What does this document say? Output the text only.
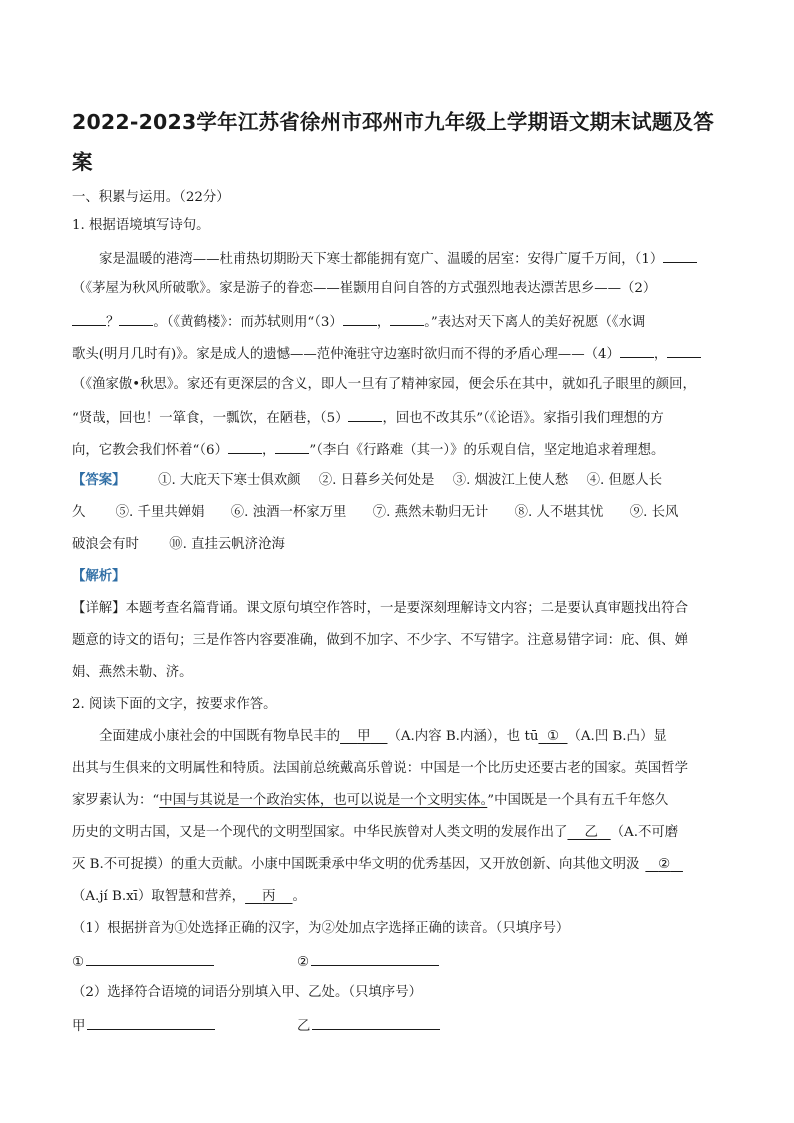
2022-2023学年江苏省徐州市邳州市九年级上学期语文期末试题及答案
一、积累与运用。（22分）
1. 根据语境填写诗句。
家是温暖的港湾——杜甫热切期盼天下寒士都能拥有宽广、温暖的居室：安得广厦千万间，（1）
（《茅屋为秋风所破歌》。家是游子的眷恋——崔颢用自问自答的方式强烈地表达漂苦思乡——（2）
？	。（《黄鹤楼》：而苏轼则用“（3）	，	。”表达对天下离人的美好祝愿（《水调
歌头(明月几时有)》。家是成人的遗憾——范仲淹驻守边塞时欲归而不得的矛盾心理——（4）	，
（《渔家傲•秋思》。家还有更深层的含义，即人一旦有了精神家园，便会乐在其中，就如孔子眼里的颜回，
“贤哉，回也！一箪食，一瓢饮，在陋巷，（5）	，回也不改其乐”（《论语》。家指引我们理想的方
向，它教会我们怀着“（6）	，	”（李白《行路难（其一）》的乐观自信，坚定地追求着理想。
【答案】 ①. 大庇天下寒士俱欢颜 ②. 日暮乡关何处是 ③. 烟波江上使人愁 ④. 但愿人长
久 ⑤. 千里共婵娟 ⑥. 浊酒一杯家万里 ⑦. 燕然未勒归无计 ⑧. 人不堪其忧 ⑨. 长风
破浪会有时 ⑩. 直挂云帆济沧海
【解析】
【详解】本题考查名篇背诵。课文原句填空作答时，一是要深刻理解诗文内容；二是要认真审题找出符合
题意的诗文的语句；三是作答内容要准确，做到不加字、不少字、不写错字。注意易错字词：庇、俱、婵
娟、燕然未勒、济。
2. 阅读下面的文字，按要求作答。
全面建成小康社会的中国既有物阜民丰的 甲 （A.内容 B.内涵），也 tū ① （A.凹 B.凸）显
出其与生俱来的文明属性和特质。法国前总统戴高乐曾说：中国是一个比历史还要古老的国家。英国哲学
家罗素认为：“中国与其说是一个政治实体，也可以说是一个文明实体。”中国既是一个具有五千年悠久
历史的文明古国，又是一个现代的文明型国家。中华民族曾对人类文明的发展作出了 乙 （A.不可磨
灭 B.不可捉摸）的重大贡献。小康中国既秉承中华文明的优秀基因，又开放创新、向其他文明汲 ②
（A.jí B.xī）取智慧和营养， 丙 。
（1）根据拼音为①处选择正确的汉字，为②处加点字选择正确的读音。（只填序号）
①	②
（2）选择符合语境的词语分别填入甲、乙处。（只填序号）
甲	乙
